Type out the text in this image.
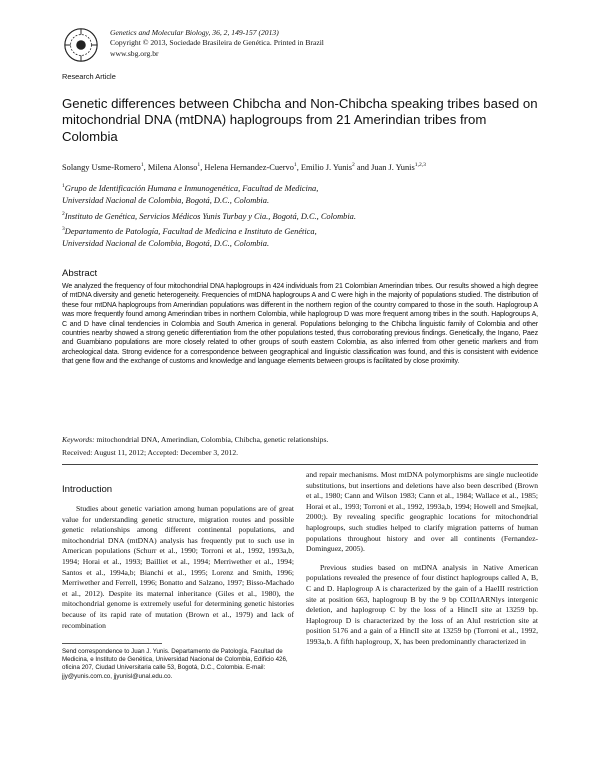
Genetics and Molecular Biology, 36, 2, 149-157 (2013)
Copyright © 2013, Sociedade Brasileira de Genética. Printed in Brazil
www.sbg.org.br
Research Article
Genetic differences between Chibcha and Non-Chibcha speaking tribes based on mitochondrial DNA (mtDNA) haplogroups from 21 Amerindian tribes from Colombia
Solangy Usme-Romero$^1$, Milena Alonso$^1$, Helena Hernandez-Cuervo$^1$, Emilio J. Yunis$^2$ and Juan J. Yunis$^{1,2,3}$
$^1$Grupo de Identificación Humana e Inmunogenética, Facultad de Medicina,
Universidad Nacional de Colombia, Bogotá, D.C., Colombia.
$^2$Instituto de Genética, Servicios Médicos Yunis Turbay y Cia., Bogotá, D.C., Colombia.
$^3$Departamento de Patología, Facultad de Medicina e Instituto de Genética,
Universidad Nacional de Colombia, Bogotá, D.C., Colombia.
Abstract
We analyzed the frequency of four mitochondrial DNA haplogroups in 424 individuals from 21 Colombian Amerindian tribes. Our results showed a high degree of mtDNA diversity and genetic heterogeneity. Frequencies of mtDNA haplogroups A and C were high in the majority of populations studied. The distribution of these four mtDNA haplogroups from Amerindian populations was different in the northern region of the country compared to those in the south. Haplogroup A was more frequently found among Amerindian tribes in northern Colombia, while haplogroup D was more frequent among tribes in the south. Haplogroups A, C and D have clinal tendencies in Colombia and South America in general. Populations belonging to the Chibcha linguistic family of Colombia and other countries nearby showed a strong genetic differentiation from the other populations tested, thus corroborating previous findings. Genetically, the Ingano, Paez and Guambiano populations are more closely related to other groups of south eastern Colombia, as also inferred from other genetic markers and from archeological data. Strong evidence for a correspondence between geographical and linguistic classification was found, and this is consistent with evidence that gene flow and the exchange of customs and knowledge and language elements between groups is facilitated by close proximity.
Keywords: mitochondrial DNA, Amerindian, Colombia, Chibcha, genetic relationships.
Received: August 11, 2012; Accepted: December 3, 2012.
Introduction

Studies about genetic variation among human populations are of great value for understanding genetic structure, migration routes and possible genetic relationships among different continental populations, and mitochondrial DNA (mtDNA) analysis has frequently put to such use in American populations (Schurr et al., 1990; Torroni et al., 1992, 1993a,b, 1994; Horai et al., 1993; Bailliet et al., 1994; Merriwether et al., 1994; Santos et al., 1994a,b; Bianchi et al., 1995; Lorenz and Smith, 1996; Merriwether and Ferrell, 1996; Bonatto and Salzano, 1997; Bisso-Machado et al., 2012). Despite its maternal inheritance (Giles et al., 1980), the mitochondrial genome is extremely useful for determining genetic histories because of its rapid rate of mutation (Brown et al., 1979) and lack of recombination

and repair mechanisms. Most mtDNA polymorphisms are single nucleotide substitutions, but insertions and deletions have also been described (Brown et al., 1980; Cann and Wilson 1983; Cann et al., 1984; Wallace et al., 1985; Horai et al., 1993; Torroni et al., 1992, 1993a,b, 1994; Howell and Smejkal, 2000;). By revealing specific geographic locations for mitochondrial haplogroups, such studies helped to clarify migration patterns of human populations throughout history and over all continents (Fernandez-Dominguez, 2005).

Previous studies based on mtDNA analysis in Native American populations revealed the presence of four distinct haplogroups called A, B, C and D. Haplogroup A is characterized by the gain of a HaeIII restriction site at position 663, haplogroup B by the 9 bp COII/tARNlys intergenic deletion, and haplogroup C by the loss of a HincII site at 13259 bp. Haplogroup D is characterized by the loss of an AluI restriction site at position 5176 and a gain of a HincII site at 13259 bp (Torroni et al., 1992, 1993a,b. A fifth haplogroup, X, has been predominantly characterized in

Send correspondence to Juan J. Yunis. Departamento de Patología, Facultad de Medicina, e Instituto de Genética, Universidad Nacional de Colombia, Edificio 426, oficina 207, Ciudad Universitaria calle 53, Bogotá, D.C., Colombia. E-mail: jjy@yunis.com.co, jjyunisl@unal.edu.co.
